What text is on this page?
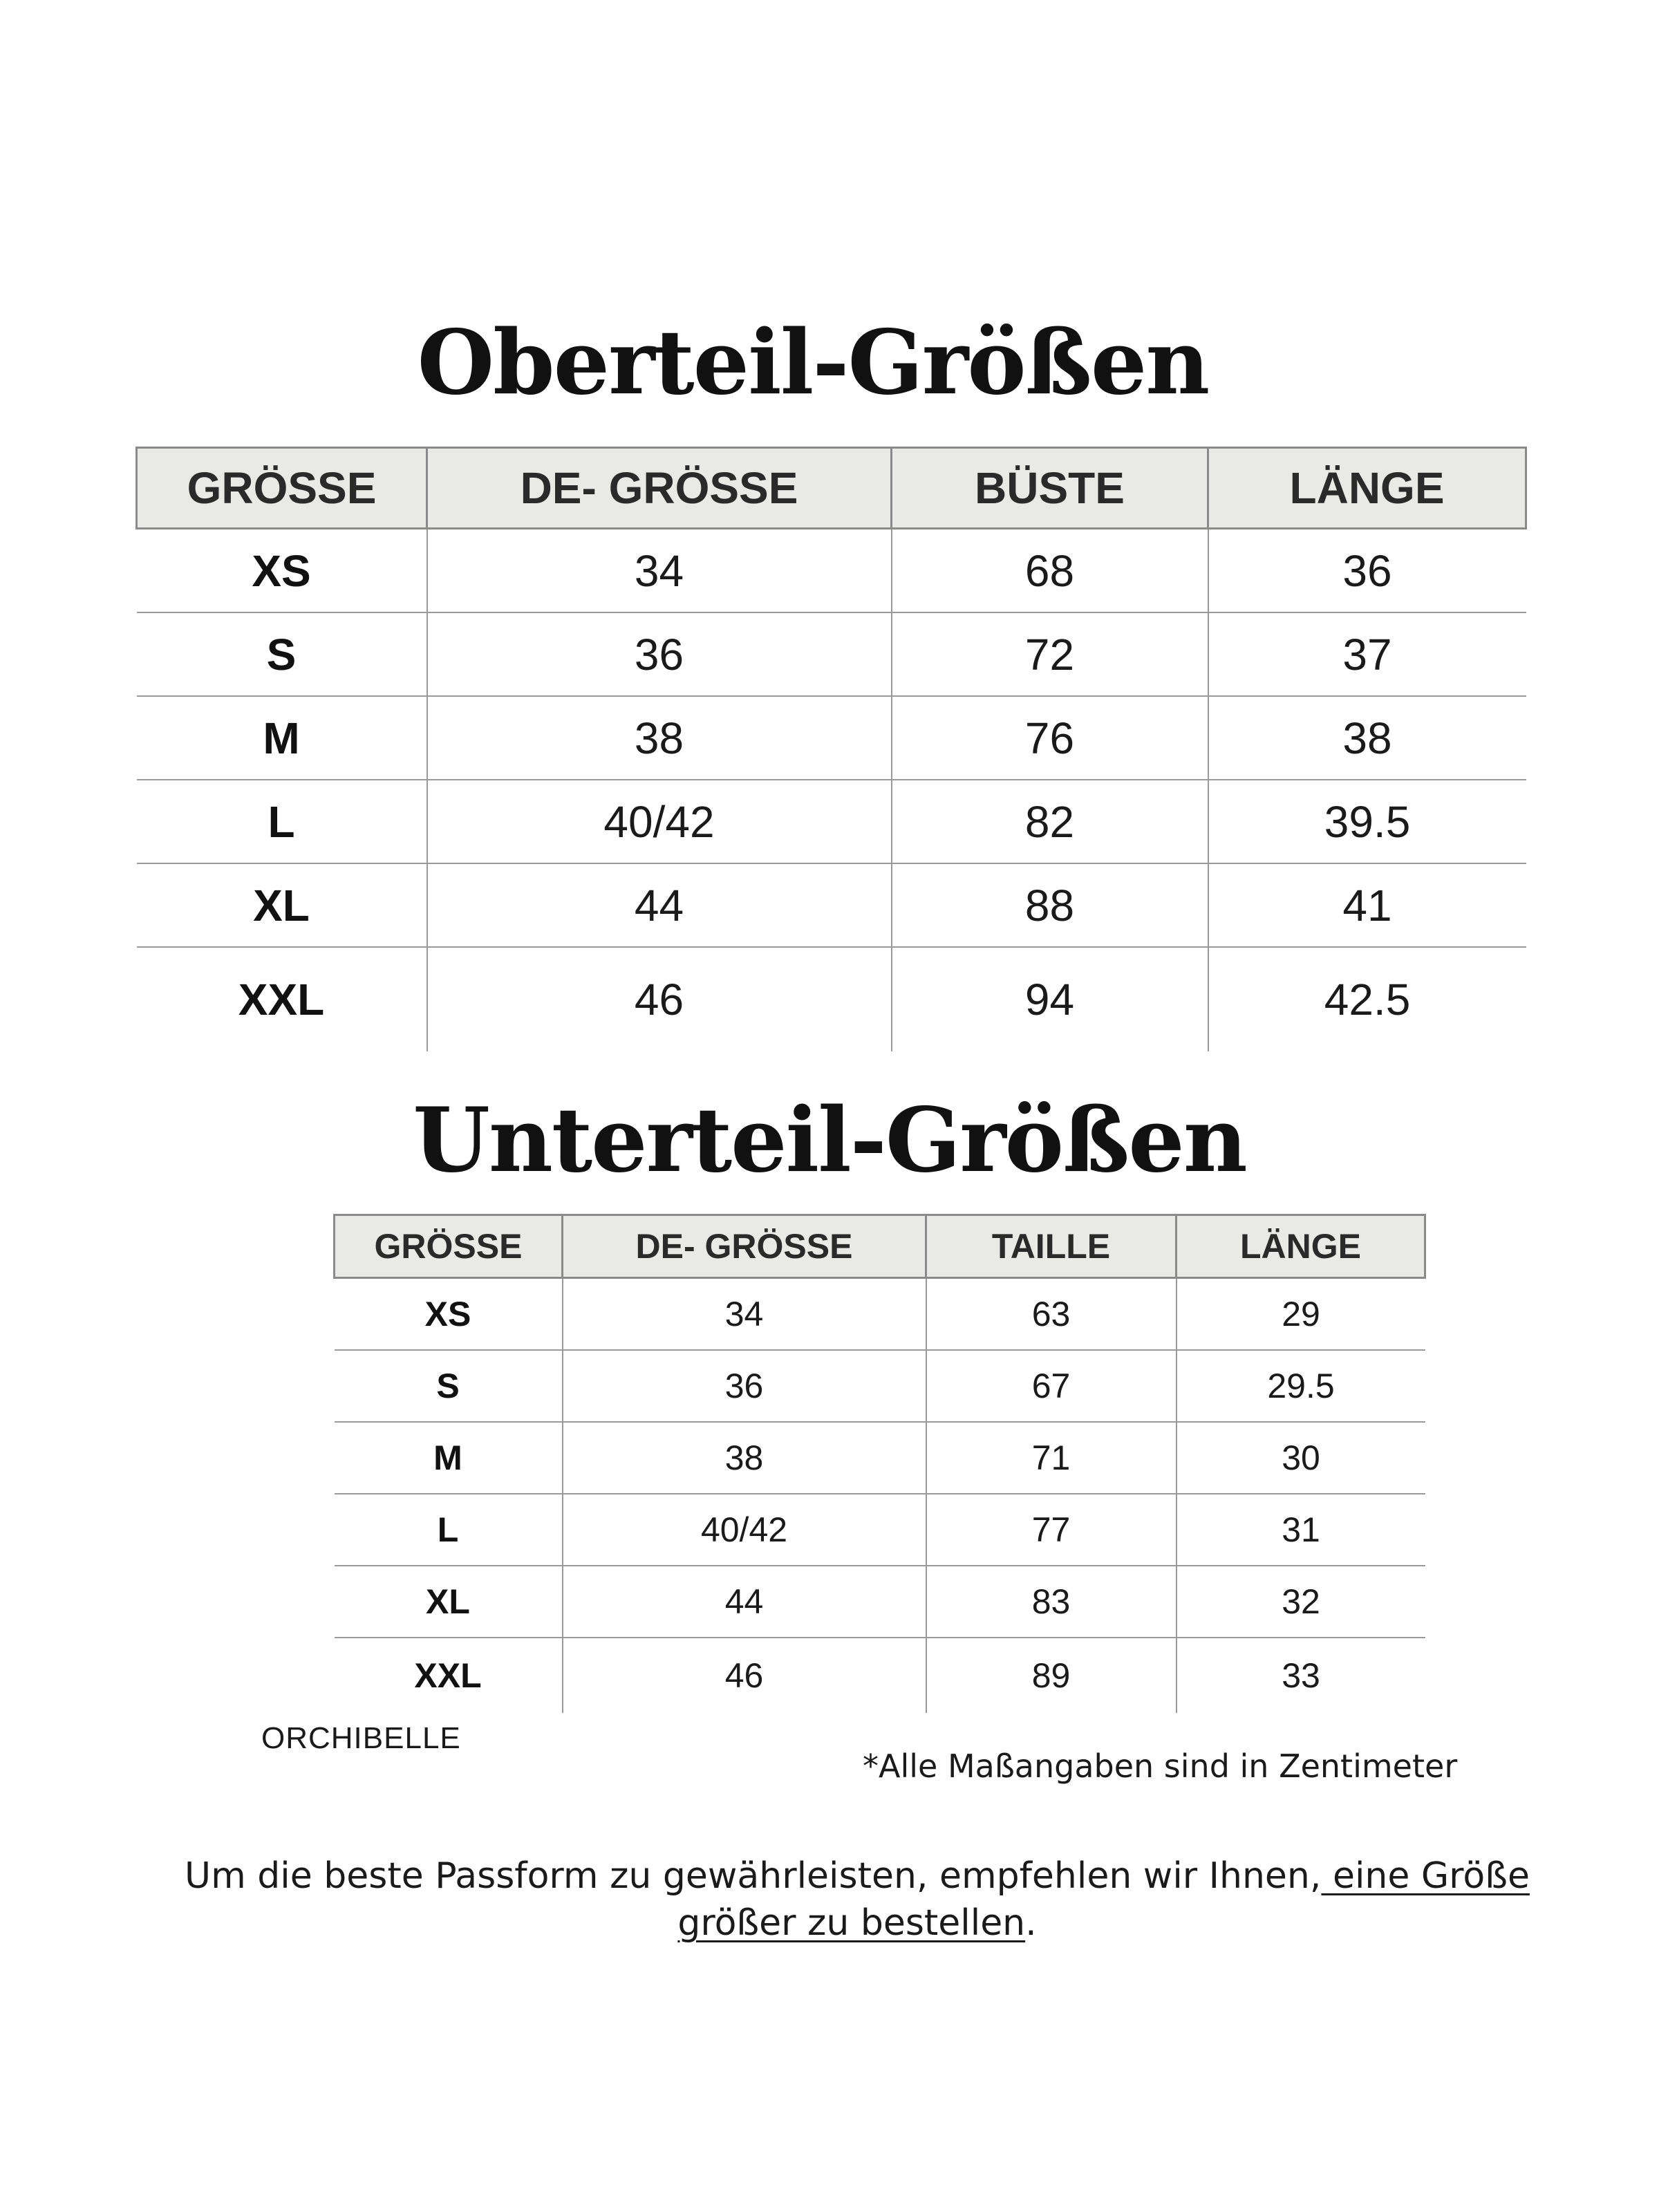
Oberteil-Größen
GRÖSSE	DE- GRÖSSE	BÜSTE	LÄNGE
XS	34	68	36
S	36	72	37
M	38	76	38
L	40/42	82	39.5
XL	44	88	41
XXL	46	94	42.5
Unterteil-Größen
GRÖSSE	DE- GRÖSSE	TAILLE	LÄNGE
XS	34	63	29
S	36	67	29.5
M	38	71	30
L	40/42	77	31
XL	44	83	32
XXL	46	89	33
ORCHIBELLE
*Alle Maßangaben sind in Zentimeter

Um die beste Passform zu gewährleisten, empfehlen wir Ihnen, eine Größe größer zu bestellen.
